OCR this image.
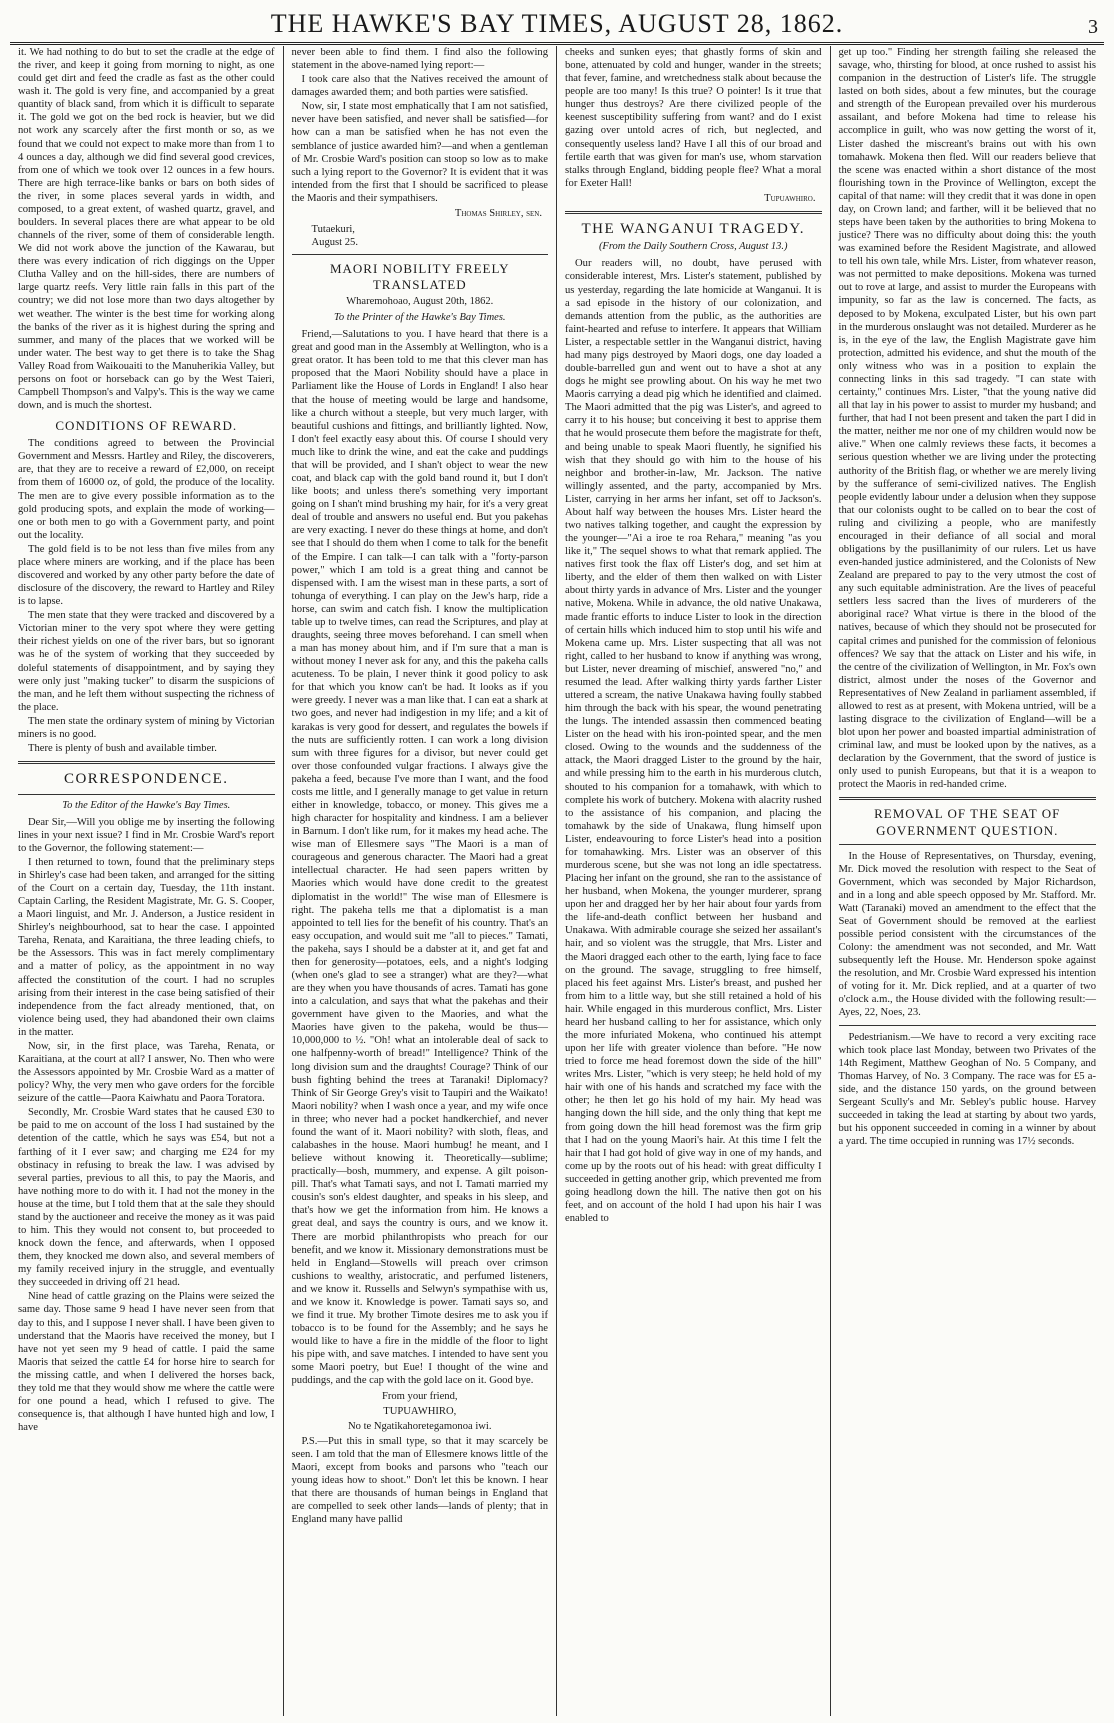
THE HAWKE'S BAY TIMES, AUGUST 28, 1862.	3

it. We had nothing to do but to set the cradle at the edge of the river, and keep it going from morning to night, as one could get dirt and feed the cradle as fast as the other could wash it. The gold is very fine, and accompanied by a great quantity of black sand, from which it is difficult to separate it. The gold we got on the bed rock is heavier, but we did not work any scarcely after the first month or so, as we found that we could not expect to make more than from 1 to 4 ounces a day, although we did find several good crevices, from one of which we took over 12 ounces in a few hours. There are high terrace-like banks or bars on both sides of the river, in some places several yards in width, and composed, to a great extent, of washed quartz, gravel, and boulders. In several places there are what appear to be old channels of the river, some of them of considerable length. We did not work above the junction of the Kawarau, but there was every indication of rich diggings on the Upper Clutha Valley and on the hill-sides, there are numbers of large quartz reefs. Very little rain falls in this part of the country; we did not lose more than two days altogether by wet weather. The winter is the best time for working along the banks of the river as it is highest during the spring and summer, and many of the places that we worked will be under water. The best way to get there is to take the Shag Valley Road from Waikouaiti to the Manuherikia Valley, but persons on foot or horseback can go by the West Taieri, Campbell Thompson's and Valpy's. This is the way we came down, and is much the shortest.

CONDITIONS OF REWARD.

The conditions agreed to between the Provincial Government and Messrs. Hartley and Riley, the discoverers, are, that they are to receive a reward of £2,000, on receipt from them of 16000 oz, of gold, the produce of the locality. The men are to give every possible information as to the gold producing spots, and explain the mode of working—one or both men to go with a Government party, and point out the locality.

The gold field is to be not less than five miles from any place where miners are working, and if the place has been discovered and worked by any other party before the date of disclosure of the discovery, the reward to Hartley and Riley is to lapse.

The men state that they were tracked and discovered by a Victorian miner to the very spot where they were getting their richest yields on one of the river bars, but so ignorant was he of the system of working that they succeeded by doleful statements of disappointment, and by saying they were only just "making tucker" to disarm the suspicions of the man, and he left them without suspecting the richness of the place.

The men state the ordinary system of mining by Victorian miners is no good.

There is plenty of bush and available timber.

CORRESPONDENCE.
To the Editor of the Hawke's Bay Times.

Dear Sir,—Will you oblige me by inserting the following lines in your next issue? I find in Mr. Crosbie Ward's report to the Governor, the following statement:—

I then returned to town, found that the preliminary steps in Shirley's case had been taken, and arranged for the sitting of the Court on a certain day, Tuesday, the 11th instant. Captain Carling, the Resident Magistrate, Mr. G. S. Cooper, a Maori linguist, and Mr. J. Anderson, a Justice resident in Shirley's neighbourhood, sat to hear the case. I appointed Tareha, Renata, and Karaitiana, the three leading chiefs, to be the Assessors. This was in fact merely complimentary and a matter of policy, as the appointment in no way affected the constitution of the court. I had no scruples arising from their interest in the case being satisfied of their independence from the fact already mentioned, that, on violence being used, they had abandoned their own claims in the matter.

Now, sir, in the first place, was Tareha, Renata, or Karaitiana, at the court at all? I answer, No. Then who were the Assessors appointed by Mr. Crosbie Ward as a matter of policy? Why, the very men who gave orders for the forcible seizure of the cattle—Paora Kaiwhatu and Paora Toratora.

Secondly, Mr. Crosbie Ward states that he caused £30 to be paid to me on account of the loss I had sustained by the detention of the cattle, which he says was £54, but not a farthing of it I ever saw; and charging me £24 for my obstinacy in refusing to break the law. I was advised by several parties, previous to all this, to pay the Maoris, and have nothing more to do with it. I had not the money in the house at the time, but I told them that at the sale they should stand by the auctioneer and receive the money as it was paid to him. This they would not consent to, but proceeded to knock down the fence, and afterwards, when I opposed them, they knocked me down also, and several members of my family received injury in the struggle, and eventually they succeeded in driving off 21 head.

Nine head of cattle grazing on the Plains were seized the same day. Those same 9 head I have never seen from that day to this, and I suppose I never shall. I have been given to understand that the Maoris have received the money, but I have not yet seen my 9 head of cattle. I paid the same Maoris that seized the cattle £4 for horse hire to search for the missing cattle, and when I delivered the horses back, they told me that they would show me where the cattle were for one pound a head, which I refused to give. The consequence is, that although I have hunted high and low, I have

never been able to find them. I find also the following statement in the above-named lying report:—

I took care also that the Natives received the amount of damages awarded them; and both parties were satisfied.

Now, sir, I state most emphatically that I am not satisfied, never have been satisfied, and never shall be satisfied—for how can a man be satisfied when he has not even the semblance of justice awarded him?—and when a gentleman of Mr. Crosbie Ward's position can stoop so low as to make such a lying report to the Governor? It is evident that it was intended from the first that I should be sacrificed to please the Maoris and their sympathisers.

Thomas Shirley, sen.
Tutaekuri,
August 25.
MAORI NOBILITY FREELY TRANSLATED
Wharemohoao, August 20th, 1862.
To the Printer of the Hawke's Bay Times.

Friend,—Salutations to you. I have heard that there is a great and good man in the Assembly at Wellington, who is a great orator. It has been told to me that this clever man has proposed that the Maori Nobility should have a place in Parliament like the House of Lords in England! I also hear that the house of meeting would be large and handsome, like a church without a steeple, but very much larger, with beautiful cushions and fittings, and brilliantly lighted. Now, I don't feel exactly easy about this. Of course I should very much like to drink the wine, and eat the cake and puddings that will be provided, and I shan't object to wear the new coat, and black cap with the gold band round it, but I don't like boots; and unless there's something very important going on I shan't mind brushing my hair, for it's a very great deal of trouble and answers no useful end. But you pakehas are very exacting. I never do these things at home, and don't see that I should do them when I come to talk for the benefit of the Empire. I can talk—I can talk with a "forty-parson power," which I am told is a great thing and cannot be dispensed with. I am the wisest man in these parts, a sort of tohunga of everything. I can play on the Jew's harp, ride a horse, can swim and catch fish. I know the multiplication table up to twelve times, can read the Scriptures, and play at draughts, seeing three moves beforehand. I can smell when a man has money about him, and if I'm sure that a man is without money I never ask for any, and this the pakeha calls acuteness. To be plain, I never think it good policy to ask for that which you know can't be had. It looks as if you were greedy. I never was a man like that. I can eat a shark at two goes, and never had indigestion in my life; and a kit of karakas is very good for dessert, and regulates the bowels if the nuts are sufficiently rotten. I can work a long division sum with three figures for a divisor, but never could get over those confounded vulgar fractions. I always give the pakeha a feed, because I've more than I want, and the food costs me little, and I generally manage to get value in return either in knowledge, tobacco, or money. This gives me a high character for hospitality and kindness. I am a believer in Barnum. I don't like rum, for it makes my head ache. The wise man of Ellesmere says "The Maori is a man of courageous and generous character. The Maori had a great intellectual character. He had seen papers written by Maories which would have done credit to the greatest diplomatist in the world!" The wise man of Ellesmere is right. The pakeha tells me that a diplomatist is a man appointed to tell lies for the benefit of his country. That's an easy occupation, and would suit me "all to pieces." Tamati, the pakeha, says I should be a dabster at it, and get fat and then for generosity—potatoes, eels, and a night's lodging (when one's glad to see a stranger) what are they?—what are they when you have thousands of acres. Tamati has gone into a calculation, and says that what the pakehas and their government have given to the Maories, and what the Maories have given to the pakeha, would be thus—10,000,000 to ½. "Oh! what an intolerable deal of sack to one halfpenny-worth of bread!" Intelligence? Think of the long division sum and the draughts! Courage? Think of our bush fighting behind the trees at Taranaki! Diplomacy? Think of Sir George Grey's visit to Taupiri and the Waikato! Maori nobility? when I wash once a year, and my wife once in three; who never had a pocket handkerchief, and never found the want of it. Maori nobility? with sloth, fleas, and calabashes in the house. Maori humbug! he meant, and I believe without knowing it. Theoretically—sublime; practically—bosh, mummery, and expense. A gilt poison-pill. That's what Tamati says, and not I. Tamati married my cousin's son's eldest daughter, and speaks in his sleep, and that's how we get the information from him. He knows a great deal, and says the country is ours, and we know it. There are morbid philanthropists who preach for our benefit, and we know it. Missionary demonstrations must be held in England—Stowells will preach over crimson cushions to wealthy, aristocratic, and perfumed listeners, and we know it. Russells and Selwyn's sympathise with us, and we know it. Knowledge is power. Tamati says so, and we find it true. My brother Timote desires me to ask you if tobacco is to be found for the Assembly; and he says he would like to have a fire in the middle of the floor to light his pipe with, and save matches. I intended to have sent you some Maori poetry, but Eue! I thought of the wine and puddings, and the cap with the gold lace on it. Good bye.

From your friend,
TUPUAWHIRO,
No te Ngatikahoretegamonoa iwi.

P.S.—Put this in small type, so that it may scarcely be seen. I am told that the man of Ellesmere knows little of the Maori, except from books and parsons who "teach our young ideas how to shoot." Don't let this be known. I hear that there are thousands of human beings in England that are compelled to seek other lands—lands of plenty; that in England many have pallid

cheeks and sunken eyes; that ghastly forms of skin and bone, attenuated by cold and hunger, wander in the streets; that fever, famine, and wretchedness stalk about because the people are too many! Is this true? O pointer! Is it true that hunger thus destroys? Are there civilized people of the keenest susceptibility suffering from want? and do I exist gazing over untold acres of rich, but neglected, and consequently useless land? Have I all this of our broad and fertile earth that was given for man's use, whom starvation stalks through England, bidding people flee? What a moral for Exeter Hall!

Tupuawhiro.
THE WANGANUI TRAGEDY.
(From the Daily Southern Cross, August 13.)

Our readers will, no doubt, have perused with considerable interest, Mrs. Lister's statement, published by us yesterday, regarding the late homicide at Wanganui. It is a sad episode in the history of our colonization, and demands attention from the public, as the authorities are faint-hearted and refuse to interfere. It appears that William Lister, a respectable settler in the Wanganui district, having had many pigs destroyed by Maori dogs, one day loaded a double-barrelled gun and went out to have a shot at any dogs he might see prowling about. On his way he met two Maoris carrying a dead pig which he identified and claimed. The Maori admitted that the pig was Lister's, and agreed to carry it to his house; but conceiving it best to apprise them that he would prosecute them before the magistrate for theft, and being unable to speak Maori fluently, he signified his wish that they should go with him to the house of his neighbor and brother-in-law, Mr. Jackson. The native willingly assented, and the party, accompanied by Mrs. Lister, carrying in her arms her infant, set off to Jackson's. About half way between the houses Mrs. Lister heard the two natives talking together, and caught the expression by the younger—"Ai a iroe te roa Rehara," meaning "as you like it," The sequel shows to what that remark applied. The natives first took the flax off Lister's dog, and set him at liberty, and the elder of them then walked on with Lister about thirty yards in advance of Mrs. Lister and the younger native, Mokena. While in advance, the old native Unakawa, made frantic efforts to induce Lister to look in the direction of certain hills which induced him to stop until his wife and Mokena came up. Mrs. Lister suspecting that all was not right, called to her husband to know if anything was wrong, but Lister, never dreaming of mischief, answered "no," and resumed the lead. After walking thirty yards farther Lister uttered a scream, the native Unakawa having foully stabbed him through the back with his spear, the wound penetrating the lungs. The intended assassin then commenced beating Lister on the head with his iron-pointed spear, and the men closed. Owing to the wounds and the suddenness of the attack, the Maori dragged Lister to the ground by the hair, and while pressing him to the earth in his murderous clutch, shouted to his companion for a tomahawk, with which to complete his work of butchery. Mokena with alacrity rushed to the assistance of his companion, and placing the tomahawk by the side of Unakawa, flung himself upon Lister, endeavouring to force Lister's head into a position for tomahawking. Mrs. Lister was an observer of this murderous scene, but she was not long an idle spectatress. Placing her infant on the ground, she ran to the assistance of her husband, when Mokena, the younger murderer, sprang upon her and dragged her by her hair about four yards from the life-and-death conflict between her husband and Unakawa. With admirable courage she seized her assailant's hair, and so violent was the struggle, that Mrs. Lister and the Maori dragged each other to the earth, lying face to face on the ground. The savage, struggling to free himself, placed his feet against Mrs. Lister's breast, and pushed her from him to a little way, but she still retained a hold of his hair. While engaged in this murderous conflict, Mrs. Lister heard her husband calling to her for assistance, which only the more infuriated Mokena, who continued his attempt upon her life with greater violence than before. "He now tried to force me head foremost down the side of the hill" writes Mrs. Lister, "which is very steep; he held hold of my hair with one of his hands and scratched my face with the other; he then let go his hold of my hair. My head was hanging down the hill side, and the only thing that kept me from going down the hill head foremost was the firm grip that I had on the young Maori's hair. At this time I felt the hair that I had got hold of give way in one of my hands, and come up by the roots out of his head: with great difficulty I succeeded in getting another grip, which prevented me from going headlong down the hill. The native then got on his feet, and on account of the hold I had upon his hair I was enabled to

get up too." Finding her strength failing she released the savage, who, thirsting for blood, at once rushed to assist his companion in the destruction of Lister's life. The struggle lasted on both sides, about a few minutes, but the courage and strength of the European prevailed over his murderous assailant, and before Mokena had time to release his accomplice in guilt, who was now getting the worst of it, Lister dashed the miscreant's brains out with his own tomahawk. Mokena then fled. Will our readers believe that the scene was enacted within a short distance of the most flourishing town in the Province of Wellington, except the capital of that name: will they credit that it was done in open day, on Crown land; and farther, will it be believed that no steps have been taken by the authorities to bring Mokena to justice? There was no difficulty about doing this: the youth was examined before the Resident Magistrate, and allowed to tell his own tale, while Mrs. Lister, from whatever reason, was not permitted to make depositions. Mokena was turned out to rove at large, and assist to murder the Europeans with impunity, so far as the law is concerned. The facts, as deposed to by Mokena, exculpated Lister, but his own part in the murderous onslaught was not detailed. Murderer as he is, in the eye of the law, the English Magistrate gave him protection, admitted his evidence, and shut the mouth of the only witness who was in a position to explain the connecting links in this sad tragedy. "I can state with certainty," continues Mrs. Lister, "that the young native did all that lay in his power to assist to murder my husband; and further, that had I not been present and taken the part I did in the matter, neither me nor one of my children would now be alive." When one calmly reviews these facts, it becomes a serious question whether we are living under the protecting authority of the British flag, or whether we are merely living by the sufferance of semi-civilized natives. The English people evidently labour under a delusion when they suppose that our colonists ought to be called on to bear the cost of ruling and civilizing a people, who are manifestly encouraged in their defiance of all social and moral obligations by the pusillanimity of our rulers. Let us have even-handed justice administered, and the Colonists of New Zealand are prepared to pay to the very utmost the cost of any such equitable administration. Are the lives of peaceful settlers less sacred than the lives of murderers of the aboriginal race? What virtue is there in the blood of the natives, because of which they should not be prosecuted for capital crimes and punished for the commission of felonious offences? We say that the attack on Lister and his wife, in the centre of the civilization of Wellington, in Mr. Fox's own district, almost under the noses of the Governor and Representatives of New Zealand in parliament assembled, if allowed to rest as at present, with Mokena untried, will be a lasting disgrace to the civilization of England—will be a blot upon her power and boasted impartial administration of criminal law, and must be looked upon by the natives, as a declaration by the Government, that the sword of justice is only used to punish Europeans, but that it is a weapon to protect the Maoris in red-handed crime.

REMOVAL OF THE SEAT OF GOVERNMENT QUESTION.

In the House of Representatives, on Thursday, evening, Mr. Dick moved the resolution with respect to the Seat of Government, which was seconded by Major Richardson, and in a long and able speech opposed by Mr. Stafford. Mr. Watt (Taranaki) moved an amendment to the effect that the Seat of Government should be removed at the earliest possible period consistent with the circumstances of the Colony: the amendment was not seconded, and Mr. Watt subsequently left the House. Mr. Henderson spoke against the resolution, and Mr. Crosbie Ward expressed his intention of voting for it. Mr. Dick replied, and at a quarter of two o'clock a.m., the House divided with the following result:—Ayes, 22, Noes, 23.

Pedestrianism.—We have to record a very exciting race which took place last Monday, between two Privates of the 14th Regiment, Matthew Geoghan of No. 5 Company, and Thomas Harvey, of No. 3 Company. The race was for £5 a-side, and the distance 150 yards, on the ground between Sergeant Scully's and Mr. Sebley's public house. Harvey succeeded in taking the lead at starting by about two yards, but his opponent succeeded in coming in a winner by about a yard. The time occupied in running was 17½ seconds.
